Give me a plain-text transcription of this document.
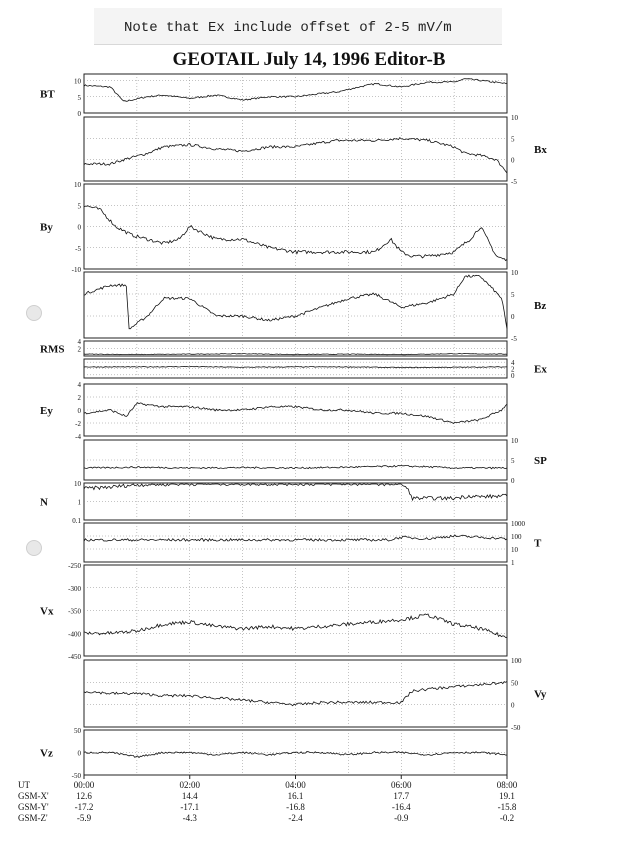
Note that Ex include offset of 2-5 mV/m
GEOTAIL July 14, 1996 Editor-B
10
5
0
BT
10
5
0
-5
Bx
10
5
0
-5
-10
By
10
5
0
-5
Bz
4
2
RMS
4
2
0
Ex
4
2
0
-2
-4
Ey
10
5
0
SP
10
1
0.1
N
1000
100
10
1
T
-250
-300
-350
-400
-450
Vx
100
50
0
-50
Vy
50
0
-50
Vz
UT
GSM-X'
GSM-Y'
GSM-Z'
00:00
12.6
-17.2
-5.9
02:00
14.4
-17.1
-4.3
04:00
16.1
-16.8
-2.4
06:00
17.7
-16.4
-0.9
08:00
19.1
-15.8
-0.2
